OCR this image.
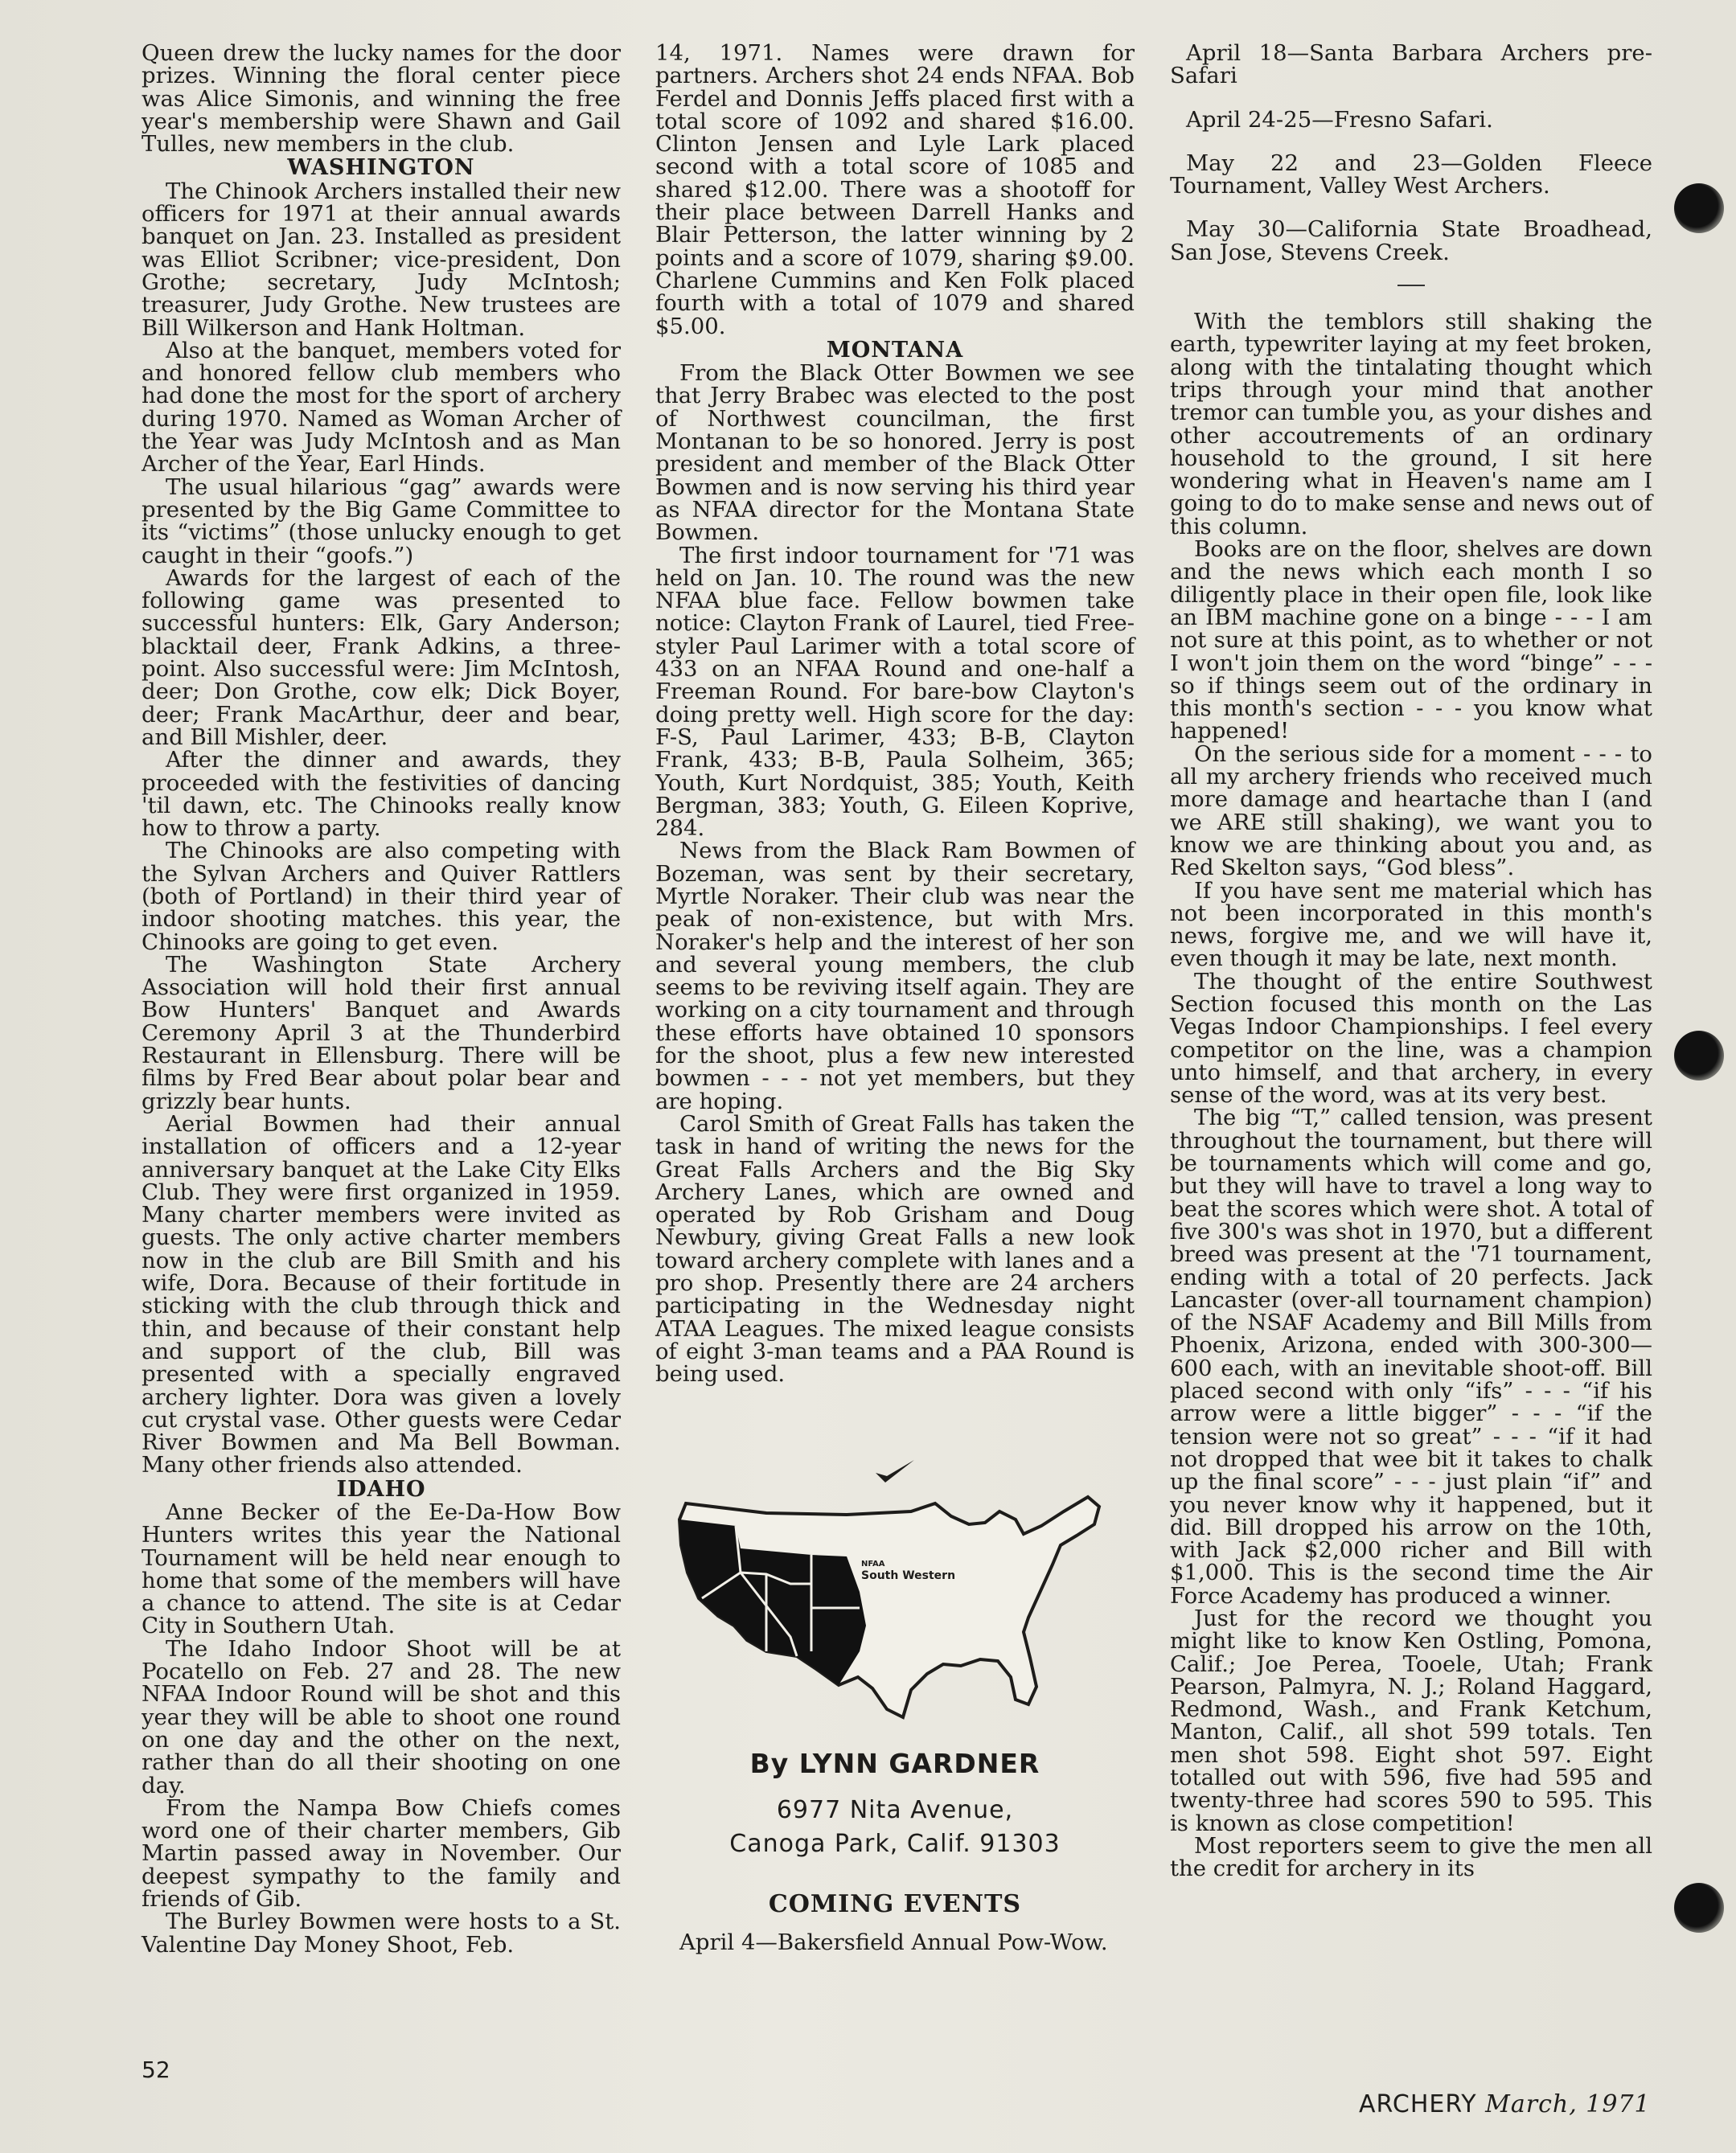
Queen drew the lucky names for the door prizes. Winning the floral center piece was Alice Simonis, and winning the free year's membership were Shawn and Gail Tulles, new members in the club.

WASHINGTON

The Chinook Archers installed their new officers for 1971 at their annual awards banquet on Jan. 23. Installed as president was Elliot Scribner; vice-president, Don Grothe; secretary, Judy McIntosh; treasurer, Judy Grothe. New trustees are Bill Wilkerson and Hank Holtman.

Also at the banquet, members voted for and honored fellow club members who had done the most for the sport of archery during 1970. Named as Woman Archer of the Year was Judy McIntosh and as Man Archer of the Year, Earl Hinds.

The usual hilarious “gag” awards were presented by the Big Game Committee to its “victims” (those unlucky enough to get caught in their “goofs.”)

Awards for the largest of each of the following game was presented to successful hunters: Elk, Gary Anderson; blacktail deer, Frank Adkins, a three-point. Also successful were: Jim McIntosh, deer; Don Grothe, cow elk; Dick Boyer, deer; Frank MacArthur, deer and bear, and Bill Mishler, deer.

After the dinner and awards, they proceeded with the festivities of dancing 'til dawn, etc. The Chinooks really know how to throw a party.

The Chinooks are also competing with the Sylvan Archers and Quiver Rattlers (both of Portland) in their third year of indoor shooting matches. this year, the Chinooks are going to get even.

The Washington State Archery Association will hold their first annual Bow Hunters' Banquet and Awards Ceremony April 3 at the Thunderbird Restaurant in Ellensburg. There will be films by Fred Bear about polar bear and grizzly bear hunts.

Aerial Bowmen had their annual installation of officers and a 12-year anniversary banquet at the Lake City Elks Club. They were first organized in 1959. Many charter members were invited as guests. The only active charter members now in the club are Bill Smith and his wife, Dora. Because of their fortitude in sticking with the club through thick and thin, and because of their constant help and support of the club, Bill was presented with a specially engraved archery lighter. Dora was given a lovely cut crystal vase. Other guests were Cedar River Bowmen and Ma Bell Bowman. Many other friends also attended.

IDAHO

Anne Becker of the Ee-Da-How Bow Hunters writes this year the National Tournament will be held near enough to home that some of the members will have a chance to attend. The site is at Cedar City in Southern Utah.

The Idaho Indoor Shoot will be at Pocatello on Feb. 27 and 28. The new NFAA Indoor Round will be shot and this year they will be able to shoot one round on one day and the other on the next, rather than do all their shooting on one day.

From the Nampa Bow Chiefs comes word one of their charter members, Gib Martin passed away in November. Our deepest sympathy to the family and friends of Gib.

The Burley Bowmen were hosts to a St. Valentine Day Money Shoot, Feb.

14, 1971. Names were drawn for partners. Archers shot 24 ends NFAA. Bob Ferdel and Donnis Jeffs placed first with a total score of 1092 and shared $16.00. Clinton Jensen and Lyle Lark placed second with a total score of 1085 and shared $12.00. There was a shootoff for their place between Darrell Hanks and Blair Petterson, the latter winning by 2 points and a score of 1079, sharing $9.00. Charlene Cummins and Ken Folk placed fourth with a total of 1079 and shared $5.00.

MONTANA

From the Black Otter Bowmen we see that Jerry Brabec was elected to the post of Northwest councilman, the first Montanan to be so honored. Jerry is post president and member of the Black Otter Bowmen and is now serving his third year as NFAA director for the Montana State Bowmen.

The first indoor tournament for '71 was held on Jan. 10. The round was the new NFAA blue face. Fellow bowmen take notice: Clayton Frank of Laurel, tied Free-styler Paul Larimer with a total score of 433 on an NFAA Round and one-half a Freeman Round. For bare-bow Clayton's doing pretty well. High score for the day: F-S, Paul Larimer, 433; B-B, Clayton Frank, 433; B-B, Paula Solheim, 365; Youth, Kurt Nordquist, 385; Youth, Keith Bergman, 383; Youth, G. Eileen Koprive, 284.

News from the Black Ram Bowmen of Bozeman, was sent by their secretary, Myrtle Noraker. Their club was near the peak of non-existence, but with Mrs. Noraker's help and the interest of her son and several young members, the club seems to be reviving itself again. They are working on a city tournament and through these efforts have obtained 10 sponsors for the shoot, plus a few new interested bowmen - - - not yet members, but they are hoping.

Carol Smith of Great Falls has taken the task in hand of writing the news for the Great Falls Archers and the Big Sky Archery Lanes, which are owned and operated by Rob Grisham and Doug Newbury, giving Great Falls a new look toward archery complete with lanes and a pro shop. Presently there are 24 archers participating in the Wednesday night ATAA Leagues. The mixed league consists of eight 3-man teams and a PAA Round is being used.

NFAA
South Western
By LYNN GARDNER
6977 Nita Avenue,
Canoga Park, Calif. 91303
COMING EVENTS
April 4—Bakersfield Annual Pow-Wow.

April 18—Santa Barbara Archers pre-Safari

April 24-25—Fresno Safari.

May 22 and 23—Golden Fleece Tournament, Valley West Archers.

May 30—California State Broadhead, San Jose, Stevens Creek.

With the temblors still shaking the earth, typewriter laying at my feet broken, along with the tintalating thought which trips through your mind that another tremor can tumble you, as your dishes and other accoutrements of an ordinary household to the ground, I sit here wondering what in Heaven's name am I going to do to make sense and news out of this column.

Books are on the floor, shelves are down and the news which each month I so diligently place in their open file, look like an IBM machine gone on a binge - - - I am not sure at this point, as to whether or not I won't join them on the word “binge” - - - so if things seem out of the ordinary in this month's section - - - you know what happened!

On the serious side for a moment - - - to all my archery friends who received much more damage and heartache than I (and we ARE still shaking), we want you to know we are thinking about you and, as Red Skelton says, “God bless”.

If you have sent me material which has not been incorporated in this month's news, forgive me, and we will have it, even though it may be late, next month.

The thought of the entire Southwest Section focused this month on the Las Vegas Indoor Championships. I feel every competitor on the line, was a champion unto himself, and that archery, in every sense of the word, was at its very best.

The big “T,” called tension, was present throughout the tournament, but there will be tournaments which will come and go, but they will have to travel a long way to beat the scores which were shot. A total of five 300's was shot in 1970, but a different breed was present at the '71 tournament, ending with a total of 20 perfects. Jack Lancaster (over-all tournament champion) of the NSAF Academy and Bill Mills from Phoenix, Arizona, ended with 300-300—600 each, with an inevitable shoot-off. Bill placed second with only “ifs” - - - “if his arrow were a little bigger” - - - “if the tension were not so great” - - - “if it had not dropped that wee bit it takes to chalk up the final score” - - - just plain “if” and you never know why it happened, but it did. Bill dropped his arrow on the 10th, with Jack $2,000 richer and Bill with $1,000. This is the second time the Air Force Academy has produced a winner.

Just for the record we thought you might like to know Ken Ostling, Pomona, Calif.; Joe Perea, Tooele, Utah; Frank Pearson, Palmyra, N. J.; Roland Haggard, Redmond, Wash., and Frank Ketchum, Manton, Calif., all shot 599 totals. Ten men shot 598. Eight shot 597. Eight totalled out with 596, five had 595 and twenty-three had scores 590 to 595. This is known as close competition!

Most reporters seem to give the men all the credit for archery in its

52
ARCHERY March, 1971
